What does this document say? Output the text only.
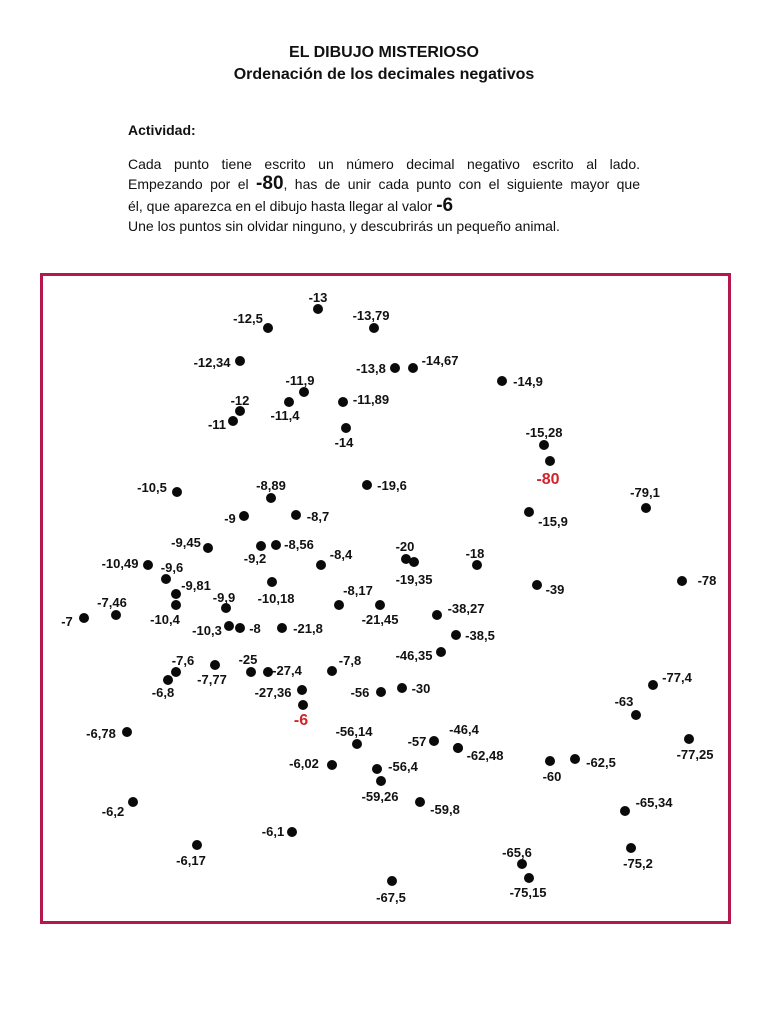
EL DIBUJO MISTERIOSO
Ordenación de los decimales negativos
Actividad:
Cada punto tiene escrito un número decimal negativo escrito al lado.
Empezando por el -80, has de unir cada punto con el siguiente mayor que
él, que aparezca en el dibujo hasta llegar al valor -6
Une los puntos sin olvidar ninguno, y descubrirás un pequeño animal.
-13
-12,5	-13,79
-12,34
-11,9
-13,8
-14,67
-14,9
-12
-11,4
-11,89
-11
-14
-15,28
-80
-10,5	-8,89	-19,6	-79,1
-9	-8,7	-15,9
-9,45
-9,2
-8,56
-8,4
-20	-18
-10,49 -9,6
-19,35	-78
-9,81
-10,18
-39
-7,46	-9,9	-8,17
-38,27
-7	-10,4	-21,45
-10,3 -8 -21,8	-38,5
-46,35
-7,6
-7,77
-25
-27,4
-7,8
-77,4
-6,8	-27,36	-56	-30
-63
-6
-56,14	-46,4
-6,78
-57
-62,48	-77,25
-6,02	-56,4
-60
-62,5
-59,26
-6,2	-59,8	-65,34
-6,1
-65,6
-6,17	-75,2
-67,5	-75,15
